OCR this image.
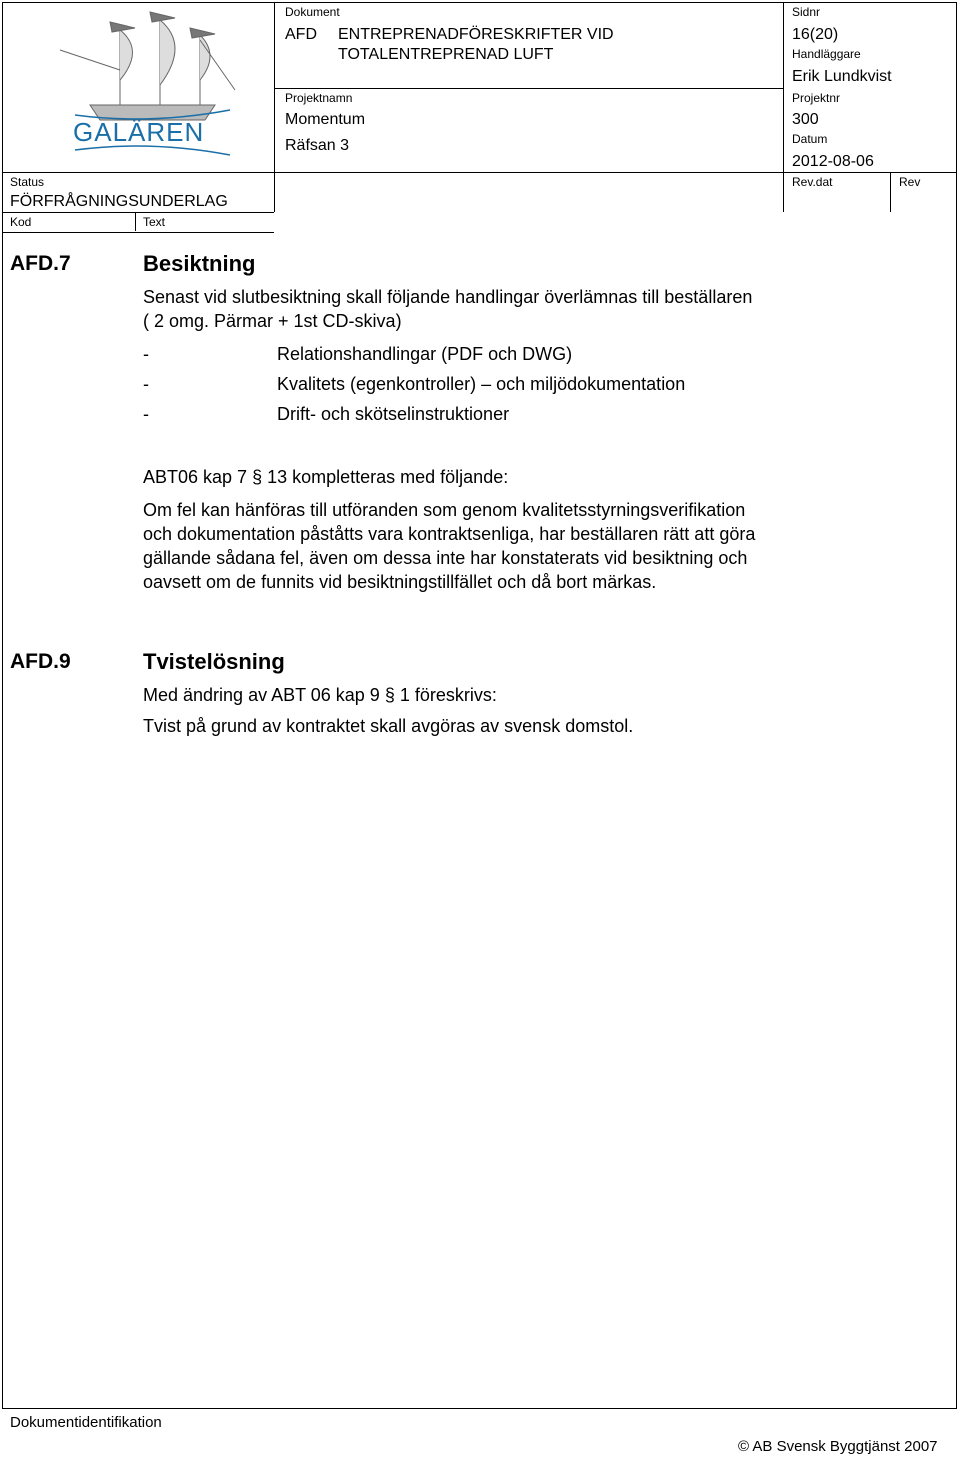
GALÄREN
Dokument
AFD ENTREPRENADFÖRESKRIFTER VID
TOTALENTREPRENAD LUFT
Projektnamn
Momentum
Räfsan 3
Sidnr
16(20)
Handläggare
Erik Lundkvist
Projektnr
300
Datum
2012-08-06
Status
FÖRFRÅGNINGSUNDERLAG
Rev.dat	Rev
Kod	Text
AFD.7	Besiktning
Senast vid slutbesiktning skall följande handlingar överlämnas till beställaren
( 2 omg. Pärmar + 1st CD-skiva)
-	Relationshandlingar (PDF och DWG)
-	Kvalitets (egenkontroller) – och miljödokumentation
-	Drift- och skötselinstruktioner
ABT06 kap 7 § 13 kompletteras med följande:
Om fel kan hänföras till utföranden som genom kvalitetsstyrningsverifikation
och dokumentation påståtts vara kontraktsenliga, har beställaren rätt att göra
gällande sådana fel, även om dessa inte har konstaterats vid besiktning och
oavsett om de funnits vid besiktningstillfället och då bort märkas.
AFD.9	Tvistelösning
Med ändring av ABT 06 kap 9 § 1 föreskrivs:
Tvist på grund av kontraktet skall avgöras av svensk domstol.
Dokumentidentifikation
© AB Svensk Byggtjänst 2007
